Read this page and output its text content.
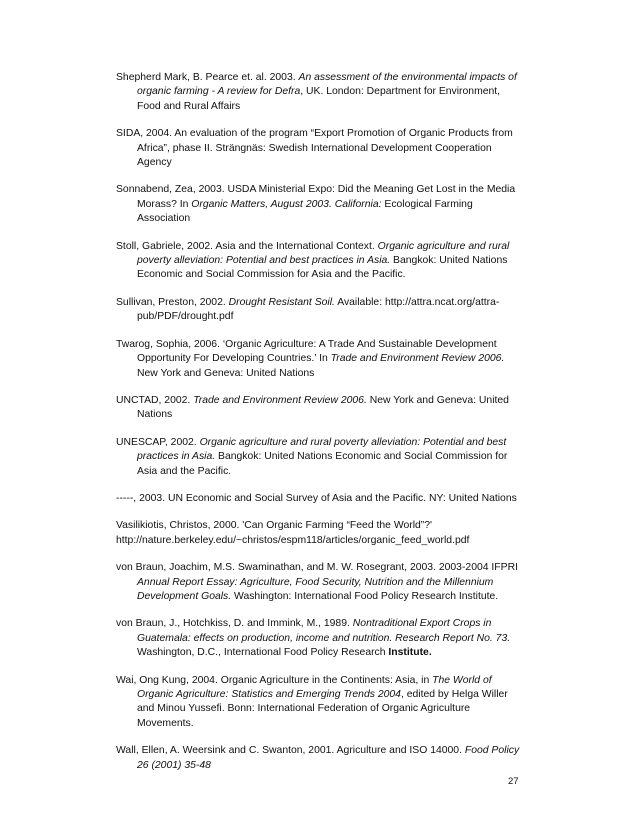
Shepherd Mark, B. Pearce et. al. 2003. An assessment of the environmental impacts of organic farming - A review for Defra, UK. London: Department for Environment, Food and Rural Affairs

SIDA, 2004. An evaluation of the program “Export Promotion of Organic Products from Africa”, phase II. Strängnäs: Swedish International Development Cooperation Agency

Sonnabend, Zea, 2003. USDA Ministerial Expo: Did the Meaning Get Lost in the Media Morass? In Organic Matters, August 2003. California: Ecological Farming Association

Stoll, Gabriele, 2002. Asia and the International Context. Organic agriculture and rural poverty alleviation: Potential and best practices in Asia. Bangkok: United Nations Economic and Social Commission for Asia and the Pacific.

Sullivan, Preston, 2002. Drought Resistant Soil. Available: http://attra.ncat.org/attra-pub/PDF/drought.pdf

Twarog, Sophia, 2006. ‘Organic Agriculture: A Trade And Sustainable Development Opportunity For Developing Countries.’ In Trade and Environment Review 2006. New York and Geneva: United Nations

UNCTAD, 2002. Trade and Environment Review 2006. New York and Geneva: United Nations

UNESCAP, 2002. Organic agriculture and rural poverty alleviation: Potential and best practices in Asia. Bangkok: United Nations Economic and Social Commission for Asia and the Pacific.

-----, 2003. UN Economic and Social Survey of Asia and the Pacific. NY: United Nations

Vasilikiotis, Christos, 2000. 'Can Organic Farming “Feed the World”?' http://nature.berkeley.edu/~christos/espm118/articles/organic_feed_world.pdf

von Braun, Joachim, M.S. Swaminathan, and M. W. Rosegrant, 2003. 2003-2004 IFPRI Annual Report Essay: Agriculture, Food Security, Nutrition and the Millennium Development Goals. Washington: International Food Policy Research Institute.

von Braun, J., Hotchkiss, D. and Immink, M., 1989. Nontraditional Export Crops in Guatemala: effects on production, income and nutrition. Research Report No. 73. Washington, D.C., International Food Policy Research Institute.

Wai, Ong Kung, 2004. Organic Agriculture in the Continents: Asia, in The World of Organic Agriculture: Statistics and Emerging Trends 2004, edited by Helga Willer and Minou Yussefi. Bonn: International Federation of Organic Agriculture Movements.

Wall, Ellen, A. Weersink and C. Swanton, 2001. Agriculture and ISO 14000. Food Policy 26 (2001) 35-48

27
